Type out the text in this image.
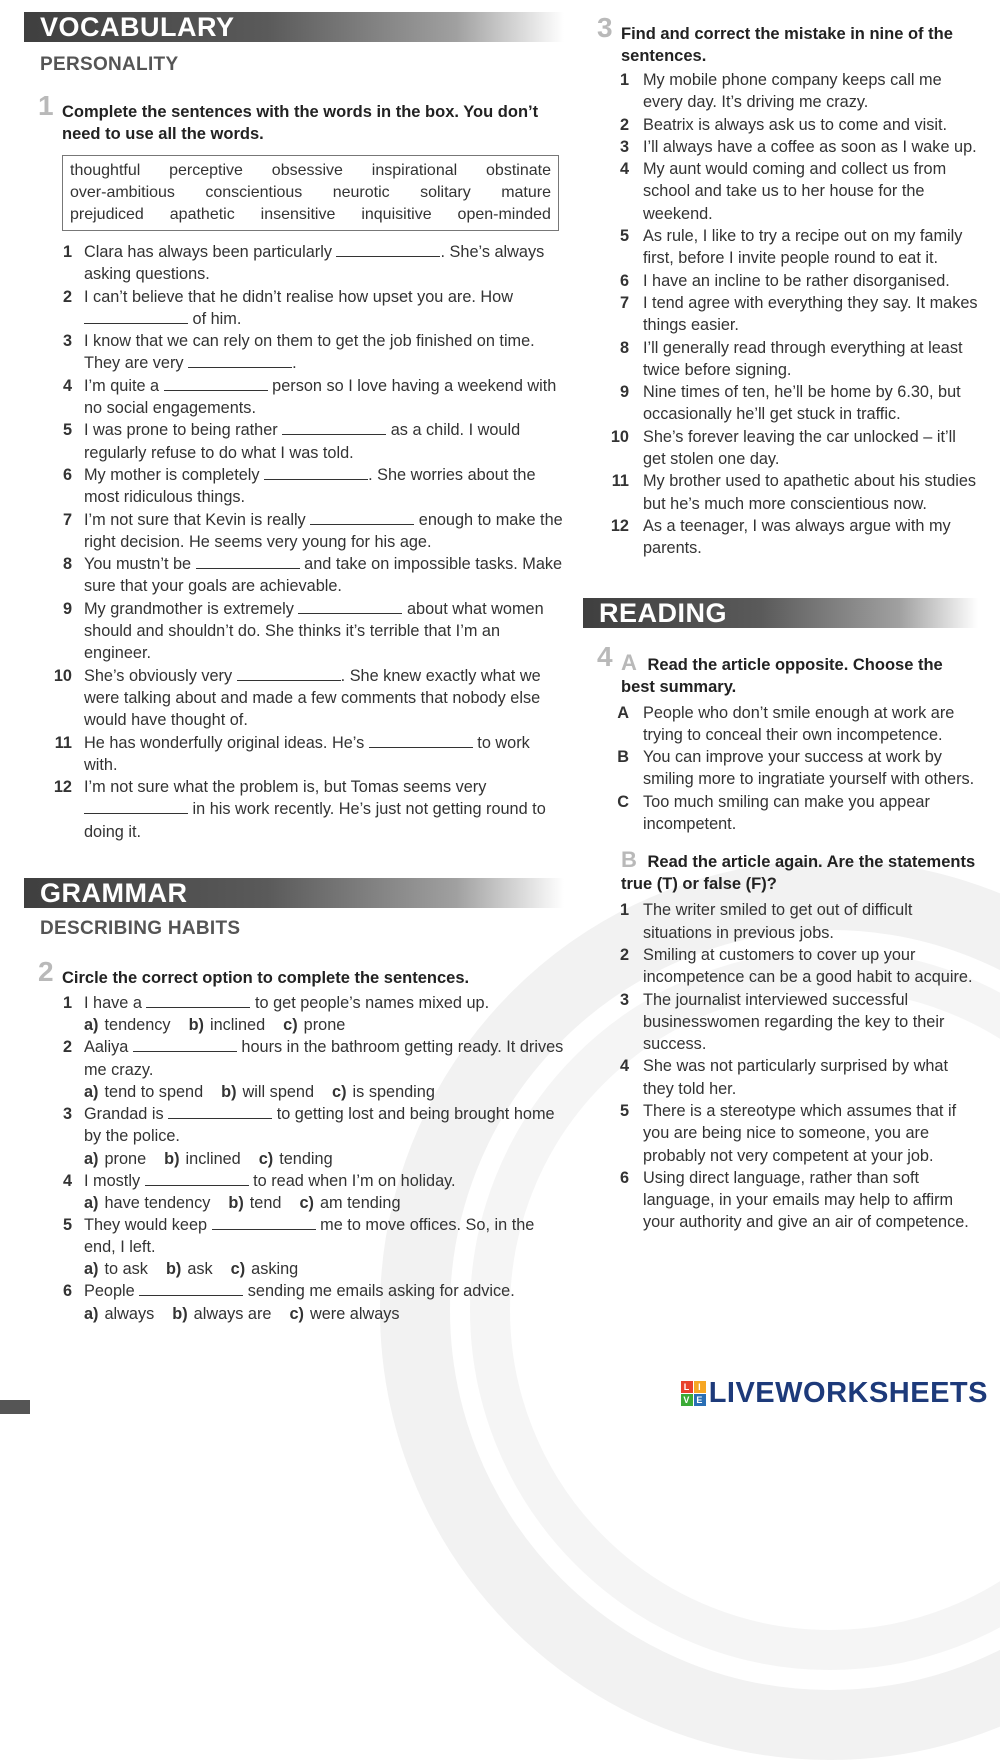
VOCABULARY
PERSONALITY
1 Complete the sentences with the words in the box. You don’t need to use all the words.
thoughtful perceptive obsessive inspirational obstinate
over-ambitious conscientious neurotic solitary mature
prejudiced apathetic insensitive inquisitive open-minded
1 Clara has always been particularly	. She’s always asking questions.
2 I can’t believe that he didn’t realise how upset you are. How  of him.
3 I know that we can rely on them to get the job finished on time. They are very	.
4 I’m quite a	person so I love having a weekend with no social engagements.
5 I was prone to being rather	as a child. I would regularly refuse to do what I was told.
6 My mother is completely	. She worries about the most ridiculous things.
7 I’m not sure that Kevin is really	enough to make the right decision. He seems very young for his age.
8 You mustn’t be	and take on impossible tasks. Make sure that your goals are achievable.
9 My grandmother is extremely	about what women should and shouldn’t do. She thinks it’s terrible that I’m an engineer.
10 She’s obviously very	. She knew exactly what we were talking about and made a few comments that nobody else would have thought of.
11 He has wonderfully original ideas. He’s	to work with.
12 I’m not sure what the problem is, but Tomas seems very  in his work recently. He’s just not getting round to doing it.
GRAMMAR
DESCRIBING HABITS
2 Circle the correct option to complete the sentences.
1 I have a	to get people’s names mixed up.
a) tendency b) inclined c) prone
2 Aaliya	hours in the bathroom getting ready. It drives me crazy.
a) tend to spend b) will spend c) is spending
3 Grandad is	to getting lost and being brought home by the police.
a) prone b) inclined c) tending
4 I mostly	to read when I’m on holiday.
a) have tendency b) tend c) am tending
5 They would keep	me to move offices. So, in the end, I left.
a) to ask b) ask c) asking
6 People	sending me emails asking for advice.
a) always b) always are c) were always
3 Find and correct the mistake in nine of the sentences.
1 My mobile phone company keeps call me every day. It’s driving me crazy.
2 Beatrix is always ask us to come and visit.
3 I’ll always have a coffee as soon as I wake up.
4 My aunt would coming and collect us from school and take us to her house for the weekend.
5 As rule, I like to try a recipe out on my family first, before I invite people round to eat it.
6 I have an incline to be rather disorganised.
7 I tend agree with everything they say. It makes things easier.
8 I’ll generally read through everything at least twice before signing.
9 Nine times of ten, he’ll be home by 6.30, but occasionally he’ll get stuck in traffic.
10 She’s forever leaving the car unlocked – it’ll get stolen one day.
11 My brother used to apathetic about his studies but he’s much more conscientious now.
12 As a teenager, I was always argue with my parents.
READING
4 A Read the article opposite. Choose the best summary.
A People who don’t smile enough at work are trying to conceal their own incompetence.
B You can improve your success at work by smiling more to ingratiate yourself with others.
C Too much smiling can make you appear incompetent.
B Read the article again. Are the statements true (T) or false (F)?
1 The writer smiled to get out of difficult situations in previous jobs.
2 Smiling at customers to cover up your incompetence can be a good habit to acquire.
3 The journalist interviewed successful businesswomen regarding the key to their success.
4 She was not particularly surprised by what they told her.
5 There is a stereotype which assumes that if you are being nice to someone, you are probably not very competent at your job.
6 Using direct language, rather than soft language, in your emails may help to affirm your authority and give an air of competence.
L I
V E LIVEWORKSHEETS
